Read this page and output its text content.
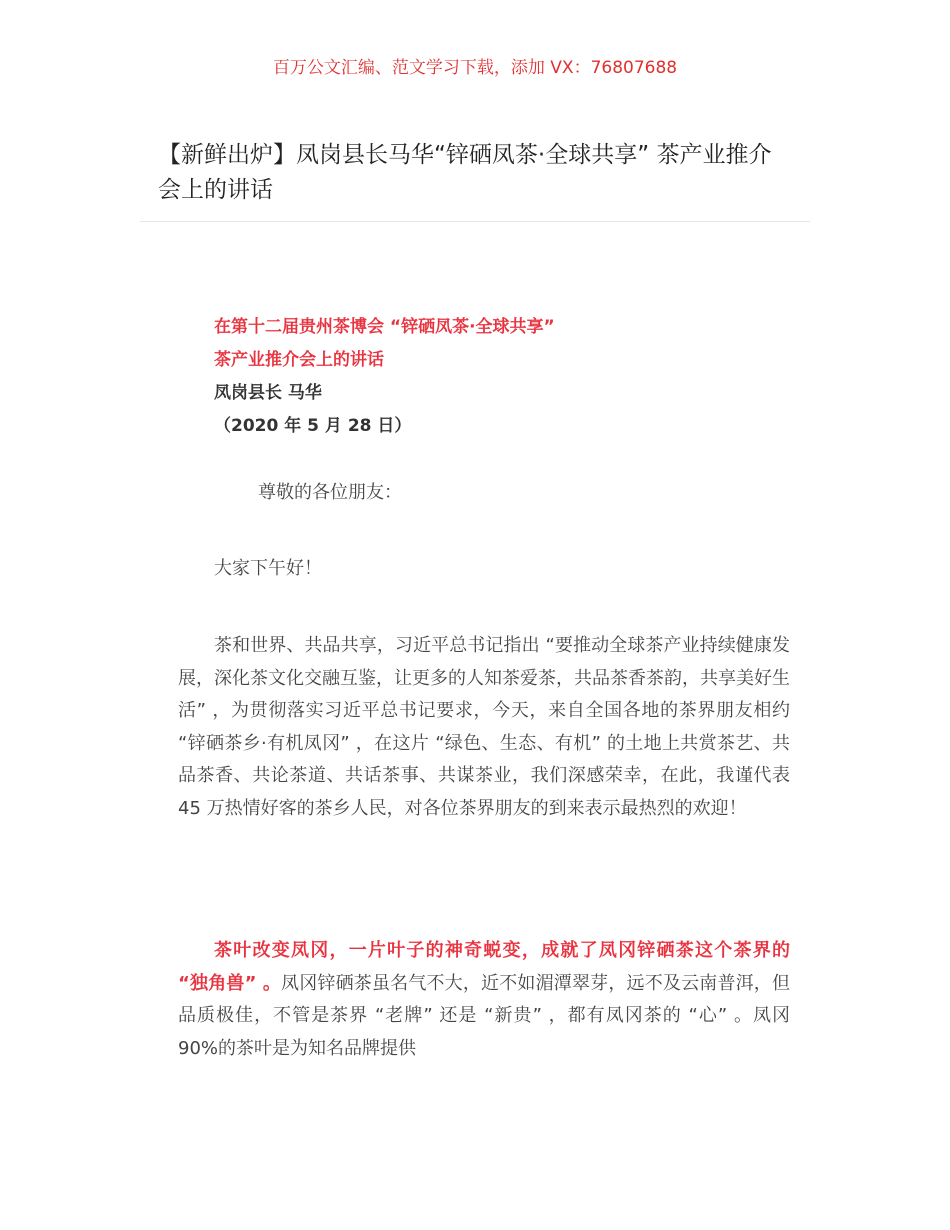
百万公文汇编、范文学习下载，添加 VX：76807688
【新鲜出炉】凤岗县长马华“锌硒凤茶·全球共享” 茶产业推介会上的讲话
在第十二届贵州茶博会 “锌硒凤茶·全球共享”
茶产业推介会上的讲话
凤岗县长 马华
（2020 年 5 月 28 日）
尊敬的各位朋友：
大家下午好！
茶和世界、共品共享，习近平总书记指出 “要推动全球茶产业持续健康发展，深化茶文化交融互鉴，让更多的人知茶爱茶，共品茶香茶韵，共享美好生活” ，为贯彻落实习近平总书记要求，今天，来自全国各地的茶界朋友相约 “锌硒茶乡·有机凤冈” ，在这片 “绿色、生态、有机” 的土地上共赏茶艺、共品茶香、共论茶道、共话茶事、共谋茶业，我们深感荣幸，在此，我谨代表 45 万热情好客的茶乡人民，对各位茶界朋友的到来表示最热烈的欢迎！
茶叶改变凤冈，一片叶子的神奇蜕变，成就了凤冈锌硒茶这个茶界的 “独角兽” 。凤冈锌硒茶虽名气不大，近不如湄潭翠芽，远不及云南普洱，但品质极佳，不管是茶界 “老牌” 还是 “新贵” ，都有凤冈茶的 “心” 。凤冈 90%的茶叶是为知名品牌提供
